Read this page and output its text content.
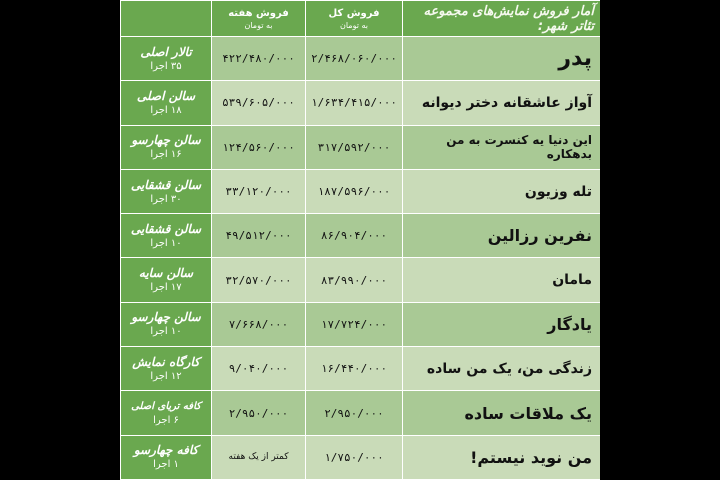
آمار فروش نمایش‌های مجموعه تئاتر شهر:	فروش کل
به تومان	فروش هفته
به تومان	

پدر	۲/۴۶۸/۰۶۰/۰۰۰	۴۲۲/۴۸۰/۰۰۰	تالار اصلی
۳۵ اجرا

آواز عاشقانه دختر دیوانه	۱/۶۳۴/۴۱۵/۰۰۰	۵۳۹/۶۰۵/۰۰۰	سالن اصلی
۱۸ اجرا

این دنیا یه کنسرت به من بدهکاره	۳۱۷/۵۹۲/۰۰۰	۱۲۴/۵۶۰/۰۰۰	سالن چهارسو
۱۶ اجرا

تله وزیون	۱۸۷/۵۹۶/۰۰۰	۳۳/۱۲۰/۰۰۰	سالن قشقایی
۳۰ اجرا

نفرین رزالین	۸۶/۹۰۴/۰۰۰	۴۹/۵۱۲/۰۰۰	سالن قشقایی
۱۰ اجرا

مامان	۸۳/۹۹۰/۰۰۰	۳۲/۵۷۰/۰۰۰	سالن سایه
۱۷ اجرا

یادگار	۱۷/۷۲۴/۰۰۰	۷/۶۶۸/۰۰۰	سالن چهارسو
۱۰ اجرا

زندگی من، یک من ساده	۱۶/۴۴۰/۰۰۰	۹/۰۴۰/۰۰۰	کارگاه نمایش
۱۲ اجرا

یک ملاقات ساده	۲/۹۵۰/۰۰۰	۲/۹۵۰/۰۰۰	کافه تریای اصلی
۶ اجرا

من نوید نیستم!	۱/۷۵۰/۰۰۰	کمتر از یک هفته	کافه چهارسو
۱ اجرا
